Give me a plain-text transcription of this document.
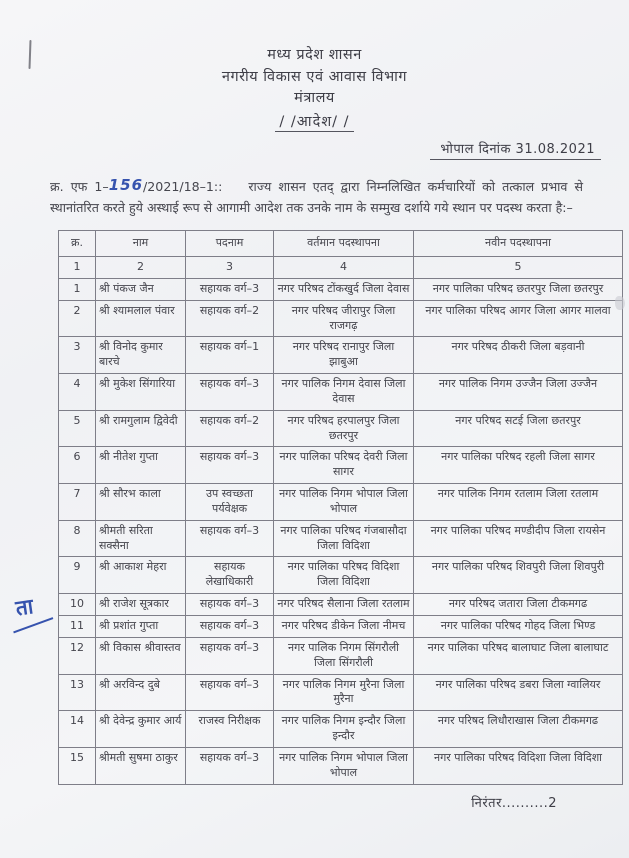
मध्य प्रदेश शासन
नगरीय विकास एवं आवास विभाग
मंत्रालय
/ /आदेश/ /
भोपाल दिनांक 31.08.2021

क्र. एफ 1–156/2021/18–1:: राज्य शासन एतद् द्वारा निम्नलिखित कर्मचारियों को तत्काल प्रभाव से स्थानांतरित करते हुये अस्थाई रूप से आगामी आदेश तक उनके नाम के सम्मुख दर्शाये गये स्थान पर पदस्थ करता है:–

क्र.	नाम	पदनाम	वर्तमान पदस्थापना	नवीन पदस्थापना
1	2	3	4	5
1	श्री पंकज जैन	सहायक वर्ग–3	नगर परिषद टोंकखुर्द जिला देवास	नगर पालिका परिषद छतरपुर जिला छतरपुर
2	श्री श्यामलाल पंवार	सहायक वर्ग–2	नगर परिषद जीरापुर जिला राजगढ़	नगर पालिका परिषद आगर जिला आगर मालवा
3	श्री विनोद कुमार बारचे	सहायक वर्ग–1	नगर परिषद रानापुर जिला झाबुआ	नगर परिषद ठीकरी जिला बड़वानी
4	श्री मुकेश सिंगारिया	सहायक वर्ग–3	नगर पालिक निगम देवास जिला देवास	नगर पालिक निगम उज्जैन जिला उज्जैन
5	श्री रामगुलाम द्विवेदी	सहायक वर्ग–2	नगर परिषद हरपालपुर जिला छतरपुर	नगर परिषद सटई जिला छतरपुर
6	श्री नीतेश गुप्ता	सहायक वर्ग–3	नगर पालिका परिषद देवरी जिला सागर	नगर पालिका परिषद रहली जिला सागर
7	श्री सौरभ काला	उप स्वच्छता पर्यवेक्षक	नगर पालिक निगम भोपाल जिला भोपाल	नगर पालिक निगम रतलाम जिला रतलाम
8	श्रीमती सरिता सक्सैना	सहायक वर्ग–3	नगर पालिका परिषद गंजबासौदा जिला विदिशा	नगर पालिका परिषद मण्डीदीप जिला रायसेन
9	श्री आकाश मेहरा	सहायक लेखाधिकारी	नगर पालिका परिषद विदिशा जिला विदिशा	नगर पालिका परिषद शिवपुरी जिला शिवपुरी
10	श्री राजेश सूत्रकार	सहायक वर्ग–3	नगर परिषद सैलाना जिला रतलाम	नगर परिषद जतारा जिला टीकमगढ
11	श्री प्रशांत गुप्ता	सहायक वर्ग–3	नगर परिषद डीकेन जिला नीमच	नगर पालिका परिषद गोहद जिला भिण्ड
12	श्री विकास श्रीवास्तव	सहायक वर्ग–3	नगर पालिक निगम सिंगरौली जिला सिंगरौली	नगर पालिका परिषद बालाघाट जिला बालाघाट
13	श्री अरविन्द दुबे	सहायक वर्ग–3	नगर पालिक निगम मुरैना जिला मुरैना	नगर पालिका परिषद डबरा जिला ग्वालियर
14	श्री देवेन्द्र कुमार आर्य	राजस्व निरीक्षक	नगर पालिक निगम इन्दौर जिला इन्दौर	नगर परिषद लिधौराखास जिला टीकमगढ
15	श्रीमती सुषमा ठाकुर	सहायक वर्ग–3	नगर पालिक निगम भोपाल जिला भोपाल	नगर पालिका परिषद विदिशा जिला विदिशा
निरंतर..........2
ता
